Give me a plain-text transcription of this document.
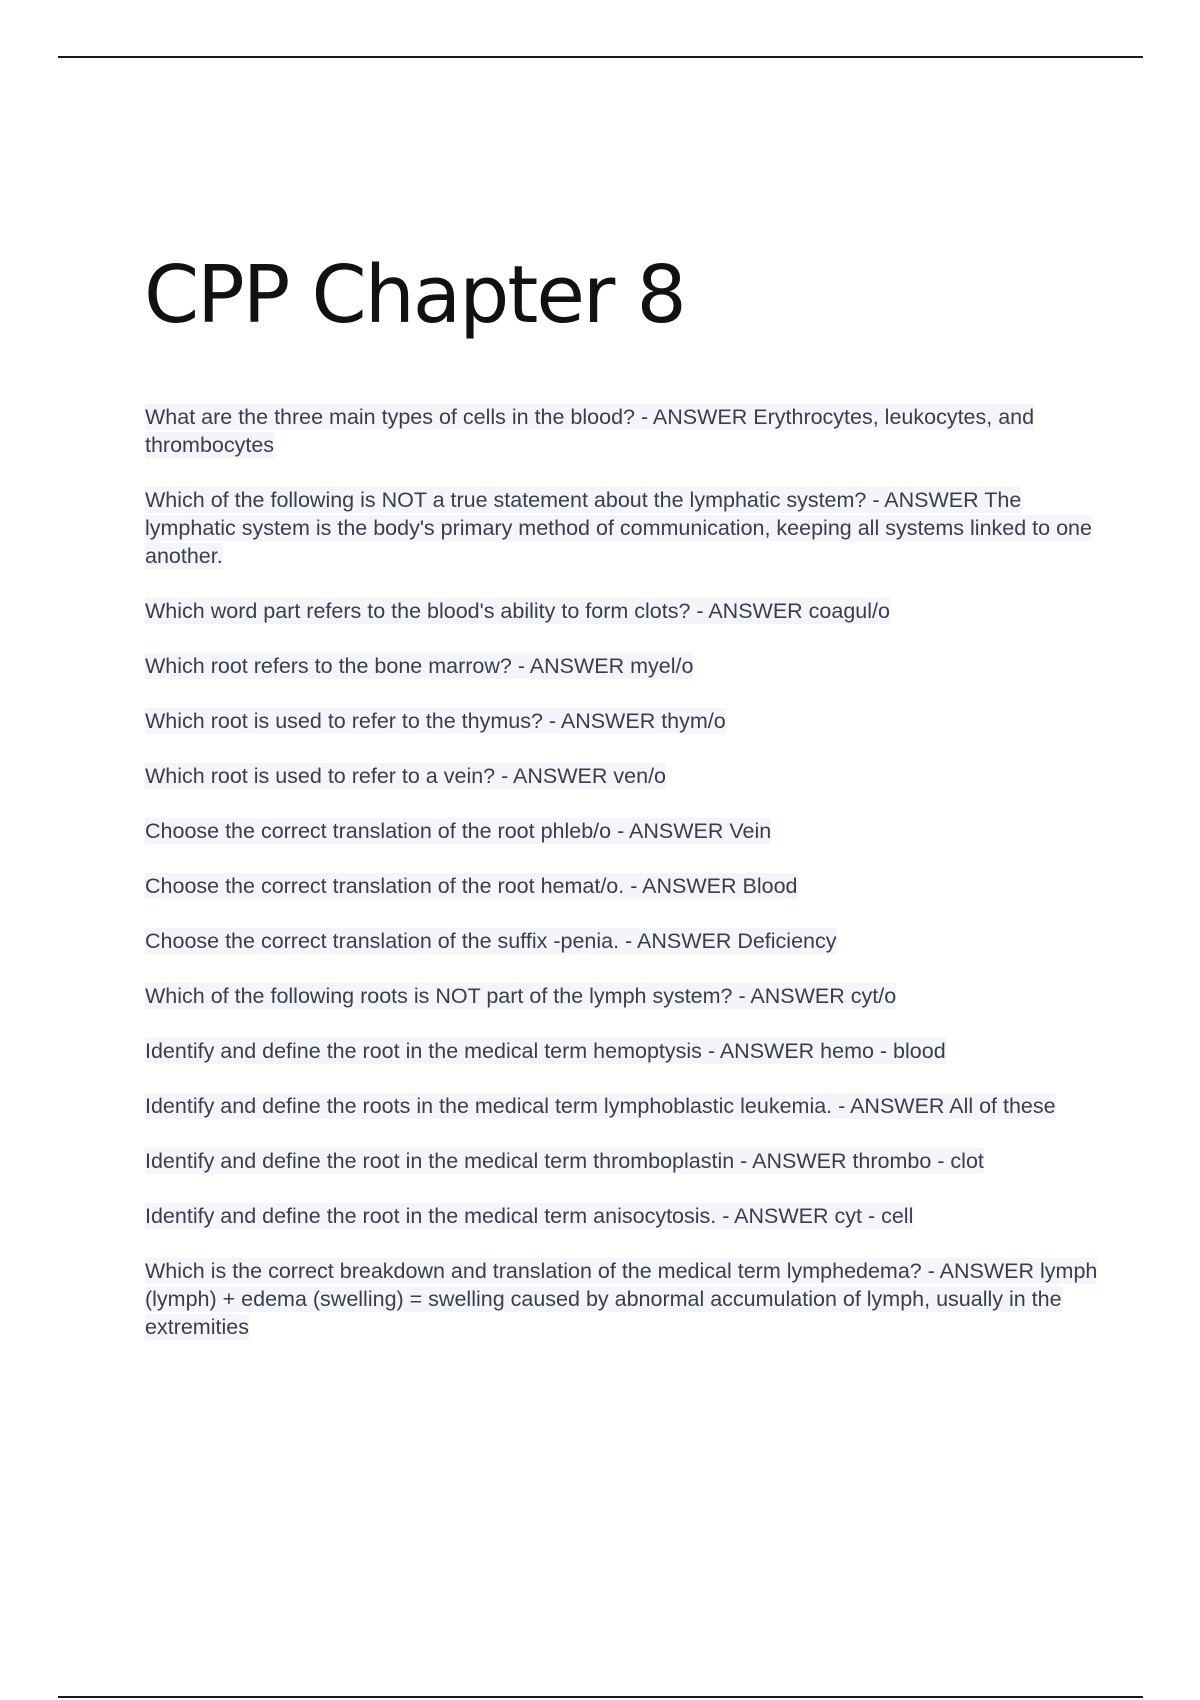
CPP Chapter 8
What are the three main types of cells in the blood? - ANSWER Erythrocytes, leukocytes, and thrombocytes
Which of the following is NOT a true statement about the lymphatic system? - ANSWER The lymphatic system is the body's primary method of communication, keeping all systems linked to one another.
Which word part refers to the blood's ability to form clots? - ANSWER coagul/o
Which root refers to the bone marrow? - ANSWER myel/o
Which root is used to refer to the thymus? - ANSWER thym/o
Which root is used to refer to a vein? - ANSWER ven/o
Choose the correct translation of the root phleb/o - ANSWER Vein
Choose the correct translation of the root hemat/o. - ANSWER Blood
Choose the correct translation of the suffix -penia. - ANSWER Deficiency
Which of the following roots is NOT part of the lymph system? - ANSWER cyt/o
Identify and define the root in the medical term hemoptysis - ANSWER hemo - blood
Identify and define the roots in the medical term lymphoblastic leukemia. - ANSWER All of these
Identify and define the root in the medical term thromboplastin - ANSWER thrombo - clot
Identify and define the root in the medical term anisocytosis. - ANSWER cyt - cell
Which is the correct breakdown and translation of the medical term lymphedema? - ANSWER lymph (lymph) + edema (swelling) = swelling caused by abnormal accumulation of lymph, usually in the extremities
